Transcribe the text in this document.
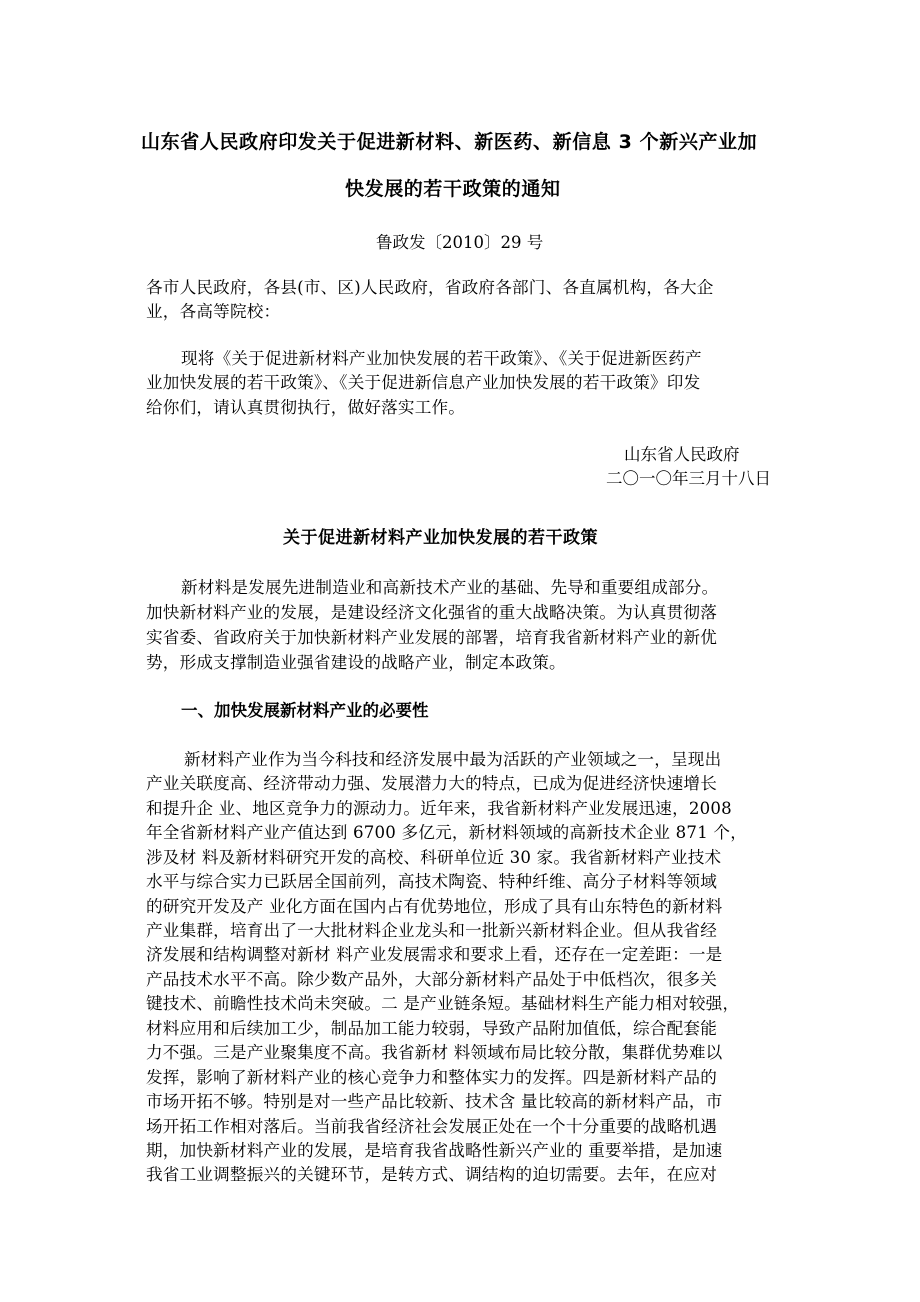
山东省人民政府印发关于促进新材料、新医药、新信息 3 个新兴产业加
快发展的若干政策的通知
鲁政发〔2010〕29 号
各市人民政府，各县(市、区)人民政府，省政府各部门、各直属机构，各大企
业，各高等院校：
现将《关于促进新材料产业加快发展的若干政策》、《关于促进新医药产
业加快发展的若干政策》、《关于促进新信息产业加快发展的若干政策》印发
给你们，请认真贯彻执行，做好落实工作。
山东省人民政府
二〇一〇年三月十八日
关于促进新材料产业加快发展的若干政策
新材料是发展先进制造业和高新技术产业的基础、先导和重要组成部分。
加快新材料产业的发展，是建设经济文化强省的重大战略决策。为认真贯彻落
实省委、省政府关于加快新材料产业发展的部署，培育我省新材料产业的新优
势，形成支撑制造业强省建设的战略产业，制定本政策。
一、加快发展新材料产业的必要性
新材料产业作为当今科技和经济发展中最为活跃的产业领域之一，呈现出
产业关联度高、经济带动力强、发展潜力大的特点，已成为促进经济快速增长
和提升企 业、地区竞争力的源动力。近年来，我省新材料产业发展迅速，2008
年全省新材料产业产值达到 6700 多亿元，新材料领域的高新技术企业 871 个，
涉及材 料及新材料研究开发的高校、科研单位近 30 家。我省新材料产业技术
水平与综合实力已跃居全国前列，高技术陶瓷、特种纤维、高分子材料等领域
的研究开发及产 业化方面在国内占有优势地位，形成了具有山东特色的新材料
产业集群，培育出了一大批材料企业龙头和一批新兴新材料企业。但从我省经
济发展和结构调整对新材 料产业发展需求和要求上看，还存在一定差距：一是
产品技术水平不高。除少数产品外，大部分新材料产品处于中低档次，很多关
键技术、前瞻性技术尚未突破。二 是产业链条短。基础材料生产能力相对较强，
材料应用和后续加工少，制品加工能力较弱，导致产品附加值低，综合配套能
力不强。三是产业聚集度不高。我省新材 料领域布局比较分散，集群优势难以
发挥，影响了新材料产业的核心竞争力和整体实力的发挥。四是新材料产品的
市场开拓不够。特别是对一些产品比较新、技术含 量比较高的新材料产品，市
场开拓工作相对落后。当前我省经济社会发展正处在一个十分重要的战略机遇
期，加快新材料产业的发展，是培育我省战略性新兴产业的 重要举措，是加速
我省工业调整振兴的关键环节，是转方式、调结构的迫切需要。去年，在应对
